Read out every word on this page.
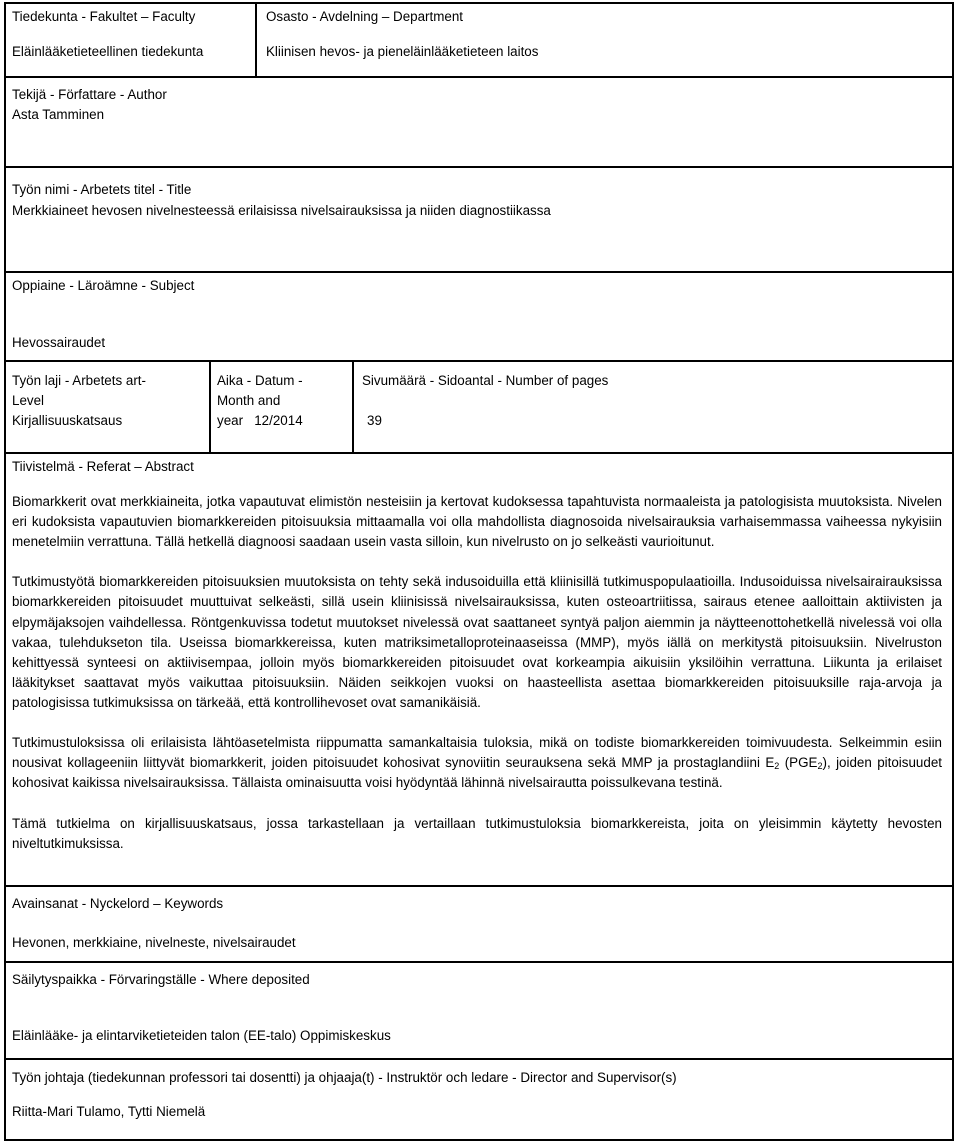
Tiedekunta - Fakultet – Faculty
Eläinlääketieteellinen tiedekunta
Osasto - Avdelning – Department
Kliinisen hevos- ja pieneläinlääketieteen laitos
Tekijä - Författare - Author
Asta Tamminen
Työn nimi - Arbetets titel - Title
Merkkiaineet hevosen nivelnesteessä erilaisissa nivelsairauksissa ja niiden diagnostiikassa
Oppiaine - Läroämne - Subject
Hevossairaudet
Työn laji - Arbetets art-
Level
Kirjallisuuskatsaus
Aika - Datum -
Month and
year 12/2014
Sivumäärä - Sidoantal - Number of pages
39
Tiivistelmä - Referat – Abstract

Biomarkkerit ovat merkkiaineita, jotka vapautuvat elimistön nesteisiin ja kertovat kudoksessa tapahtuvista normaaleista ja patologisista muutoksista. Nivelen eri kudoksista vapautuvien biomarkkereiden pitoisuuksia mittaamalla voi olla mahdollista diagnosoida nivelsairauksia varhaisemmassa vaiheessa nykyisiin menetelmiin verrattuna. Tällä hetkellä diagnoosi saadaan usein vasta silloin, kun nivelrusto on jo selkeästi vaurioitunut.

Tutkimustyötä biomarkkereiden pitoisuuksien muutoksista on tehty sekä indusoiduilla että kliinisillä tutkimuspopulaatioilla. Indusoiduissa nivelsairairauksissa biomarkkereiden pitoisuudet muuttuivat selkeästi, sillä usein kliinisissä nivelsairauksissa, kuten osteoartriitissa, sairaus etenee aalloittain aktiivisten ja elpymäjaksojen vaihdellessa. Röntgenkuvissa todetut muutokset nivelessä ovat saattaneet syntyä paljon aiemmin ja näytteenottohetkellä nivelessä voi olla vakaa, tulehdukseton tila. Useissa biomarkkereissa, kuten matriksimetalloproteinaaseissa (MMP), myös iällä on merkitystä pitoisuuksiin. Nivelruston kehittyessä synteesi on aktiivisempaa, jolloin myös biomarkkereiden pitoisuudet ovat korkeampia aikuisiin yksilöihin verrattuna. Liikunta ja erilaiset lääkitykset saattavat myös vaikuttaa pitoisuuksiin. Näiden seikkojen vuoksi on haasteellista asettaa biomarkkereiden pitoisuuksille raja-arvoja ja patologisissa tutkimuksissa on tärkeää, että kontrollihevoset ovat samanikäisiä.

Tutkimustuloksissa oli erilaisista lähtöasetelmista riippumatta samankaltaisia tuloksia, mikä on todiste biomarkkereiden toimivuudesta. Selkeimmin esiin nousivat kollageeniin liittyvät biomarkkerit, joiden pitoisuudet kohosivat synoviitin seurauksena sekä MMP ja prostaglandiini $E_2$ $(PGE_2)$, joiden pitoisuudet kohosivat kaikissa nivelsairauksissa. Tällaista ominaisuutta voisi hyödyntää lähinnä nivelsairautta poissulkevana testinä.

Tämä tutkielma on kirjallisuuskatsaus, jossa tarkastellaan ja vertaillaan tutkimustuloksia biomarkkereista, joita on yleisimmin käytetty hevosten niveltutkimuksissa.

Avainsanat - Nyckelord – Keywords
Hevonen, merkkiaine, nivelneste, nivelsairaudet
Säilytyspaikka - Förvaringställe - Where deposited
Eläinlääke- ja elintarviketieteiden talon (EE-talo) Oppimiskeskus
Työn johtaja (tiedekunnan professori tai dosentti) ja ohjaaja(t) - Instruktör och ledare - Director and Supervisor(s)
Riitta-Mari Tulamo, Tytti Niemelä
